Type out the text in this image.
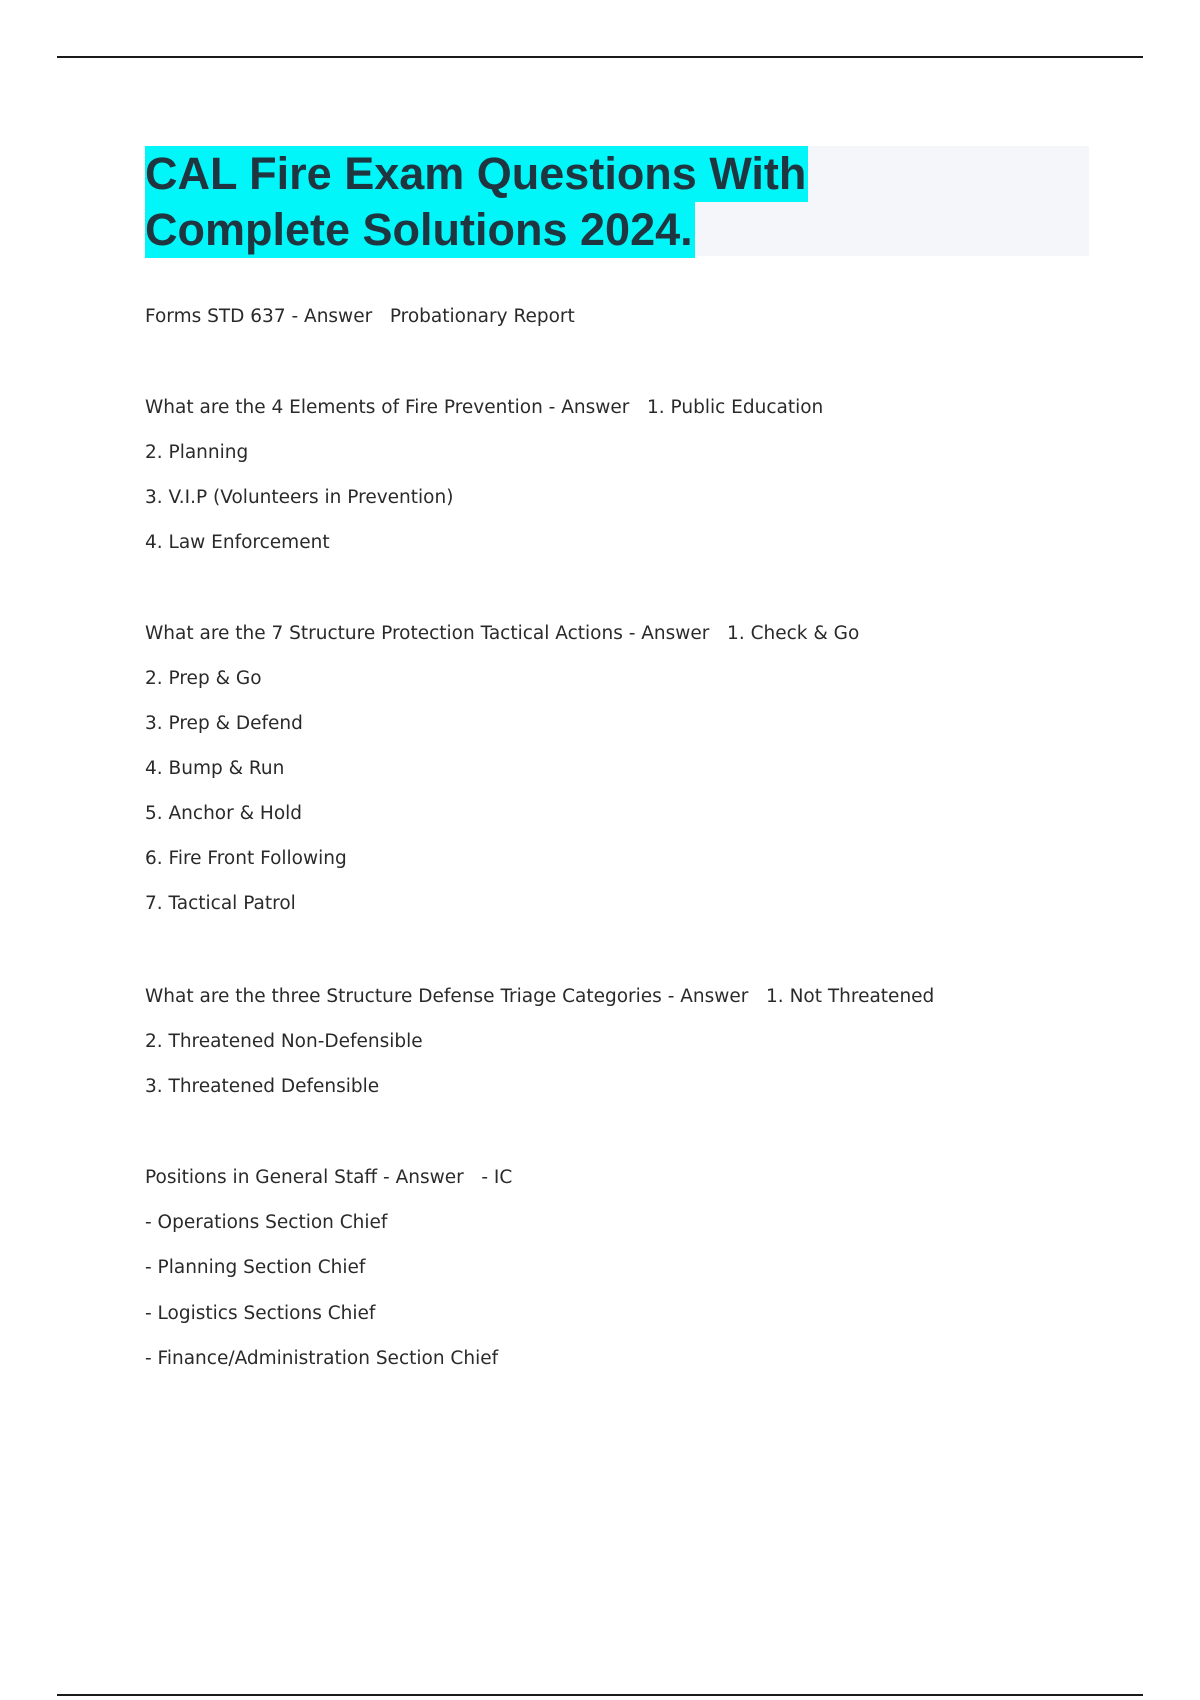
CAL Fire Exam Questions With
Complete Solutions 2024.
Forms STD 637 - Answer   Probationary Report
What are the 4 Elements of Fire Prevention - Answer   1. Public Education
2. Planning
3. V.I.P (Volunteers in Prevention)
4. Law Enforcement
What are the 7 Structure Protection Tactical Actions - Answer   1. Check & Go
2. Prep & Go
3. Prep & Defend
4. Bump & Run
5. Anchor & Hold
6. Fire Front Following
7. Tactical Patrol
What are the three Structure Defense Triage Categories - Answer   1. Not Threatened
2. Threatened Non-Defensible
3. Threatened Defensible
Positions in General Staff - Answer   - IC
- Operations Section Chief
- Planning Section Chief
- Logistics Sections Chief
- Finance/Administration Section Chief
